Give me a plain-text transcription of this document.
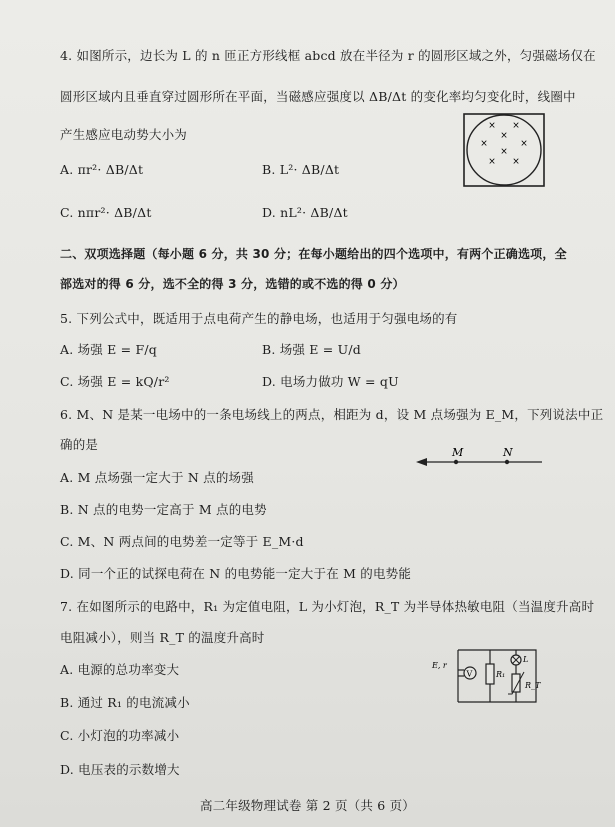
4. 如图所示，边长为 L 的 n 匝正方形线框 abcd 放在半径为 r 的圆形区域之外，匀强磁场仅在
圆形区域内且垂直穿过圆形所在平面，当磁感应强度以 ΔB/Δt 的变化率均匀变化时，线圈中
产生感应电动势大小为
A. πr²· ΔB/Δt	B. L²· ΔB/Δt
C. nπr²· ΔB/Δt	D. nL²· ΔB/Δt
× ×
×
×
×
×
× ×
二、双项选择题（每小题 6 分，共 30 分；在每小题给出的四个选项中，有两个正确选项，全
部选对的得 6 分，选不全的得 3 分，选错的或不选的得 0 分）
5. 下列公式中，既适用于点电荷产生的静电场，也适用于匀强电场的有
A. 场强 E = F/q	B. 场强 E = U/d
C. 场强 E = kQ/r²	D. 电场力做功 W = qU
6. M、N 是某一电场中的一条电场线上的两点，相距为 d，设 M 点场强为 E_M，下列说法中正
确的是
M	N
A. M 点场强一定大于 N 点的场强
B. N 点的电势一定高于 M 点的电势
C. M、N 两点间的电势差一定等于 E_M·d
D. 同一个正的试探电荷在 N 的电势能一定大于在 M 的电势能
7. 在如图所示的电路中，R₁ 为定值电阻，L 为小灯泡，R_T 为半导体热敏电阻（当温度升高时
电阻减小），则当 R_T 的温度升高时
A. 电源的总功率变大
B. 通过 R₁ 的电流减小
C. 小灯泡的功率减小
D. 电压表的示数增大
V
E, r
R₁
L
R_T
高二年级物理试卷 第 2 页（共 6 页）
